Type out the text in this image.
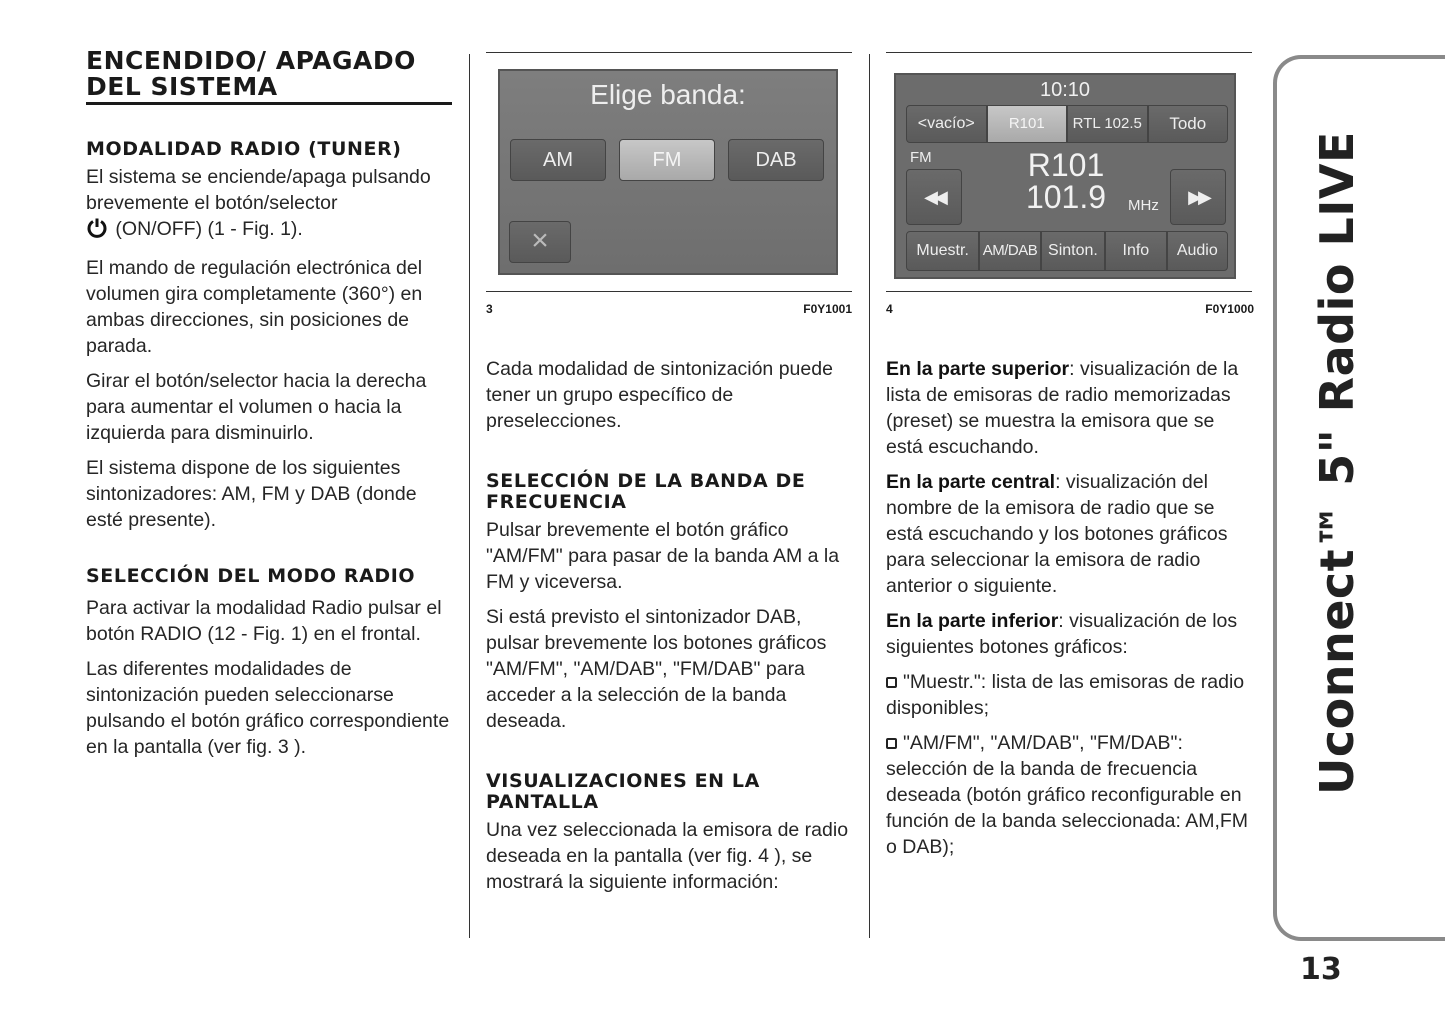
ENCENDIDO/ APAGADO DEL SISTEMA
MODALIDAD RADIO (TUNER)

El sistema se enciende/apaga pulsando brevemente el botón/selector
(ON/OFF) (1 - Fig. 1).

El mando de regulación electrónica del volumen gira completamente (360°) en ambas direcciones, sin posiciones de parada.

Girar el botón/selector hacia la derecha para aumentar el volumen o hacia la izquierda para disminuirlo.

El sistema dispone de los siguientes sintonizadores: AM, FM y DAB (donde esté presente).

SELECCIÓN DEL MODO RADIO

Para activar la modalidad Radio pulsar el botón RADIO (12 - Fig. 1) en el frontal.

Las diferentes modalidades de sintonización pueden seleccionarse pulsando el botón gráfico correspondiente en la pantalla (ver fig. 3 ).

Elige banda:
AM	FM	DAB
×
3	F0Y1001

Cada modalidad de sintonización puede tener un grupo específico de preselecciones.

SELECCIÓN DE LA BANDA DE FRECUENCIA

Pulsar brevemente el botón gráfico "AM/FM" para pasar de la banda AM a la FM y viceversa.

Si está previsto el sintonizador DAB, pulsar brevemente los botones gráficos "AM/FM", "AM/DAB", "FM/DAB" para acceder a la selección de la banda deseada.

VISUALIZACIONES EN LA PANTALLA

Una vez seleccionada la emisora de radio deseada en la pantalla (ver fig. 4 ), se mostrará la siguiente información:

10:10
<vacío>	R101	RTL 102.5	Todo
FM
◀◀
R101
101.9	MHz	▶▶
Muestr. AM/DAB Sinton.	Info	Audio
4	F0Y1000

En la parte superior: visualización de la lista de emisoras de radio memorizadas (preset) se muestra la emisora que se está escuchando.

En la parte central: visualización del nombre de la emisora de radio que se está escuchando y los botones gráficos para seleccionar la emisora de radio anterior o siguiente.

En la parte inferior: visualización de los siguientes botones gráficos:

"Muestr.": lista de las emisoras de radio disponibles;

"AM/FM", "AM/DAB", "FM/DAB": selección de la banda de frecuencia deseada (botón gráfico reconfigurable en función de la banda seleccionada: AM,FM o DAB);

Uconnect™ 5" Radio LIVE
13
